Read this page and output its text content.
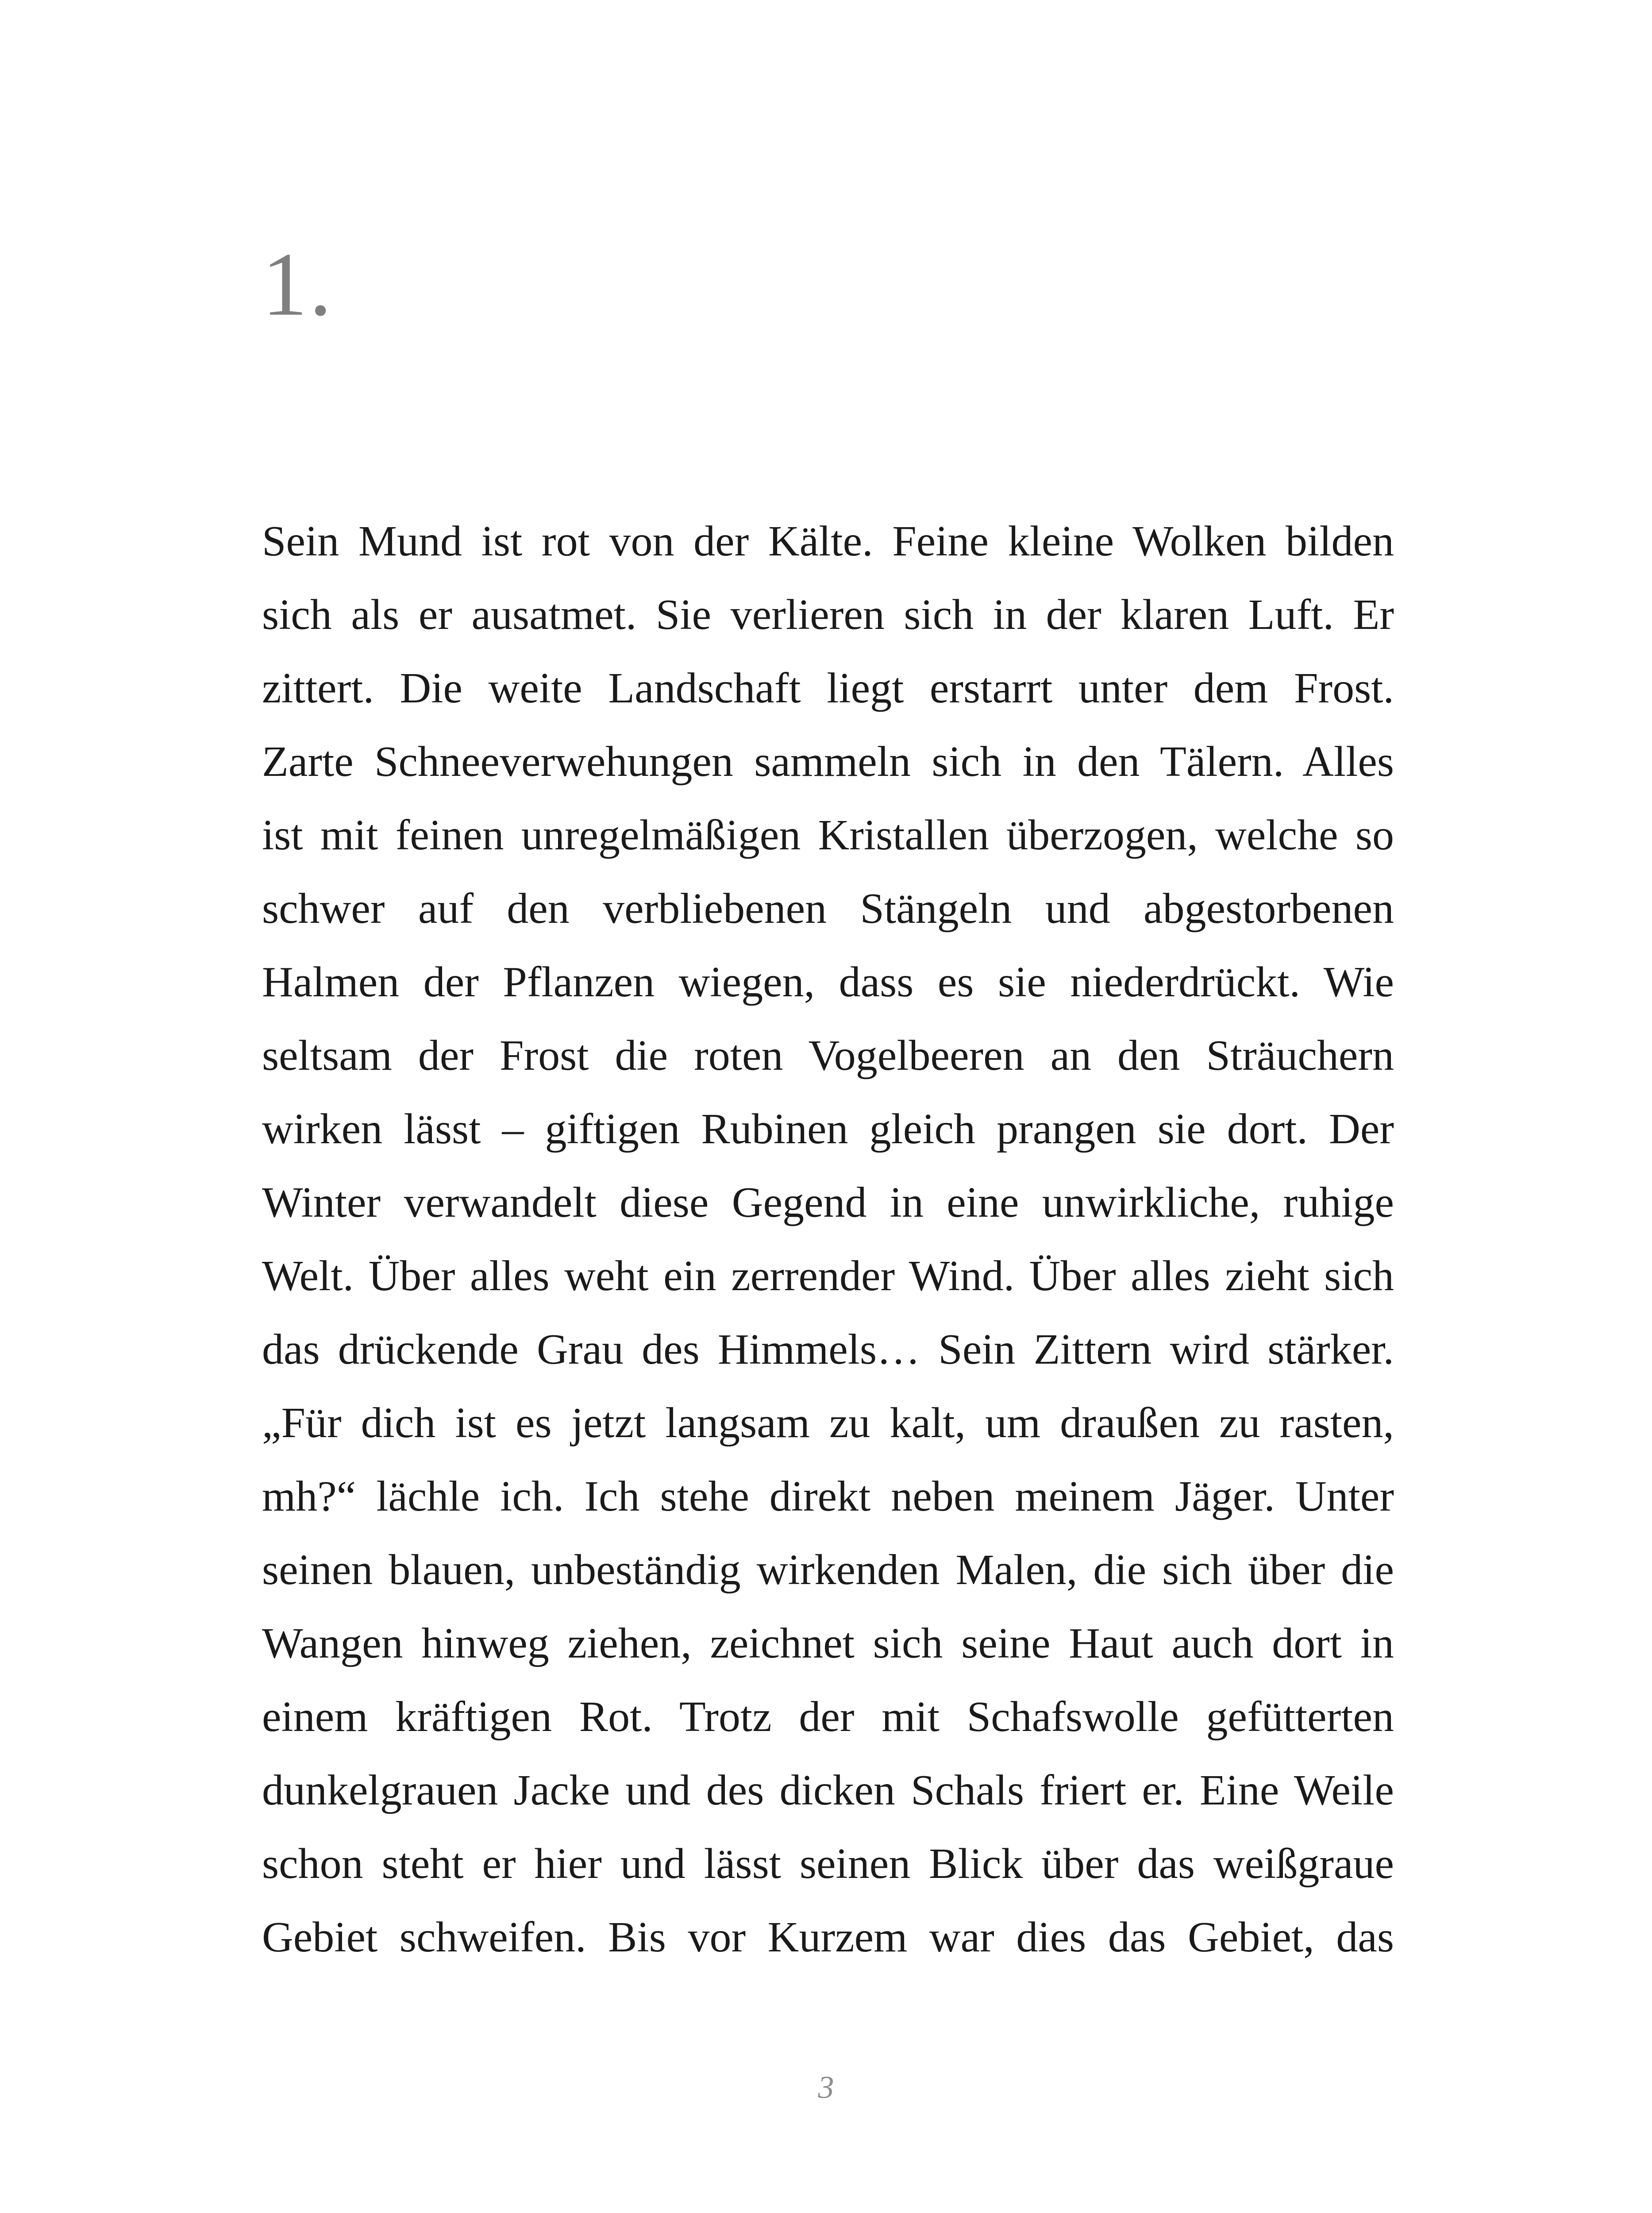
1.
Sein Mund ist rot von der Kälte. Feine kleine Wolken bilden
sich als er ausatmet. Sie verlieren sich in der klaren Luft. Er
zittert. Die weite Landschaft liegt erstarrt unter dem Frost.
Zarte Schneeverwehungen sammeln sich in den Tälern. Alles
ist mit feinen unregelmäßigen Kristallen überzogen, welche so
schwer auf den verbliebenen Stängeln und abgestorbenen
Halmen der Pflanzen wiegen, dass es sie niederdrückt. Wie
seltsam der Frost die roten Vogelbeeren an den Sträuchern
wirken lässt – giftigen Rubinen gleich prangen sie dort. Der
Winter verwandelt diese Gegend in eine unwirkliche, ruhige
Welt. Über alles weht ein zerrender Wind. Über alles zieht sich
das drückende Grau des Himmels… Sein Zittern wird stärker.
„Für dich ist es jetzt langsam zu kalt, um draußen zu rasten,
mh?“ lächle ich. Ich stehe direkt neben meinem Jäger. Unter
seinen blauen, unbeständig wirkenden Malen, die sich über die
Wangen hinweg ziehen, zeichnet sich seine Haut auch dort in
einem kräftigen Rot. Trotz der mit Schafswolle gefütterten
dunkelgrauen Jacke und des dicken Schals friert er. Eine Weile
schon steht er hier und lässt seinen Blick über das weißgraue
Gebiet schweifen. Bis vor Kurzem war dies das Gebiet, das
3
